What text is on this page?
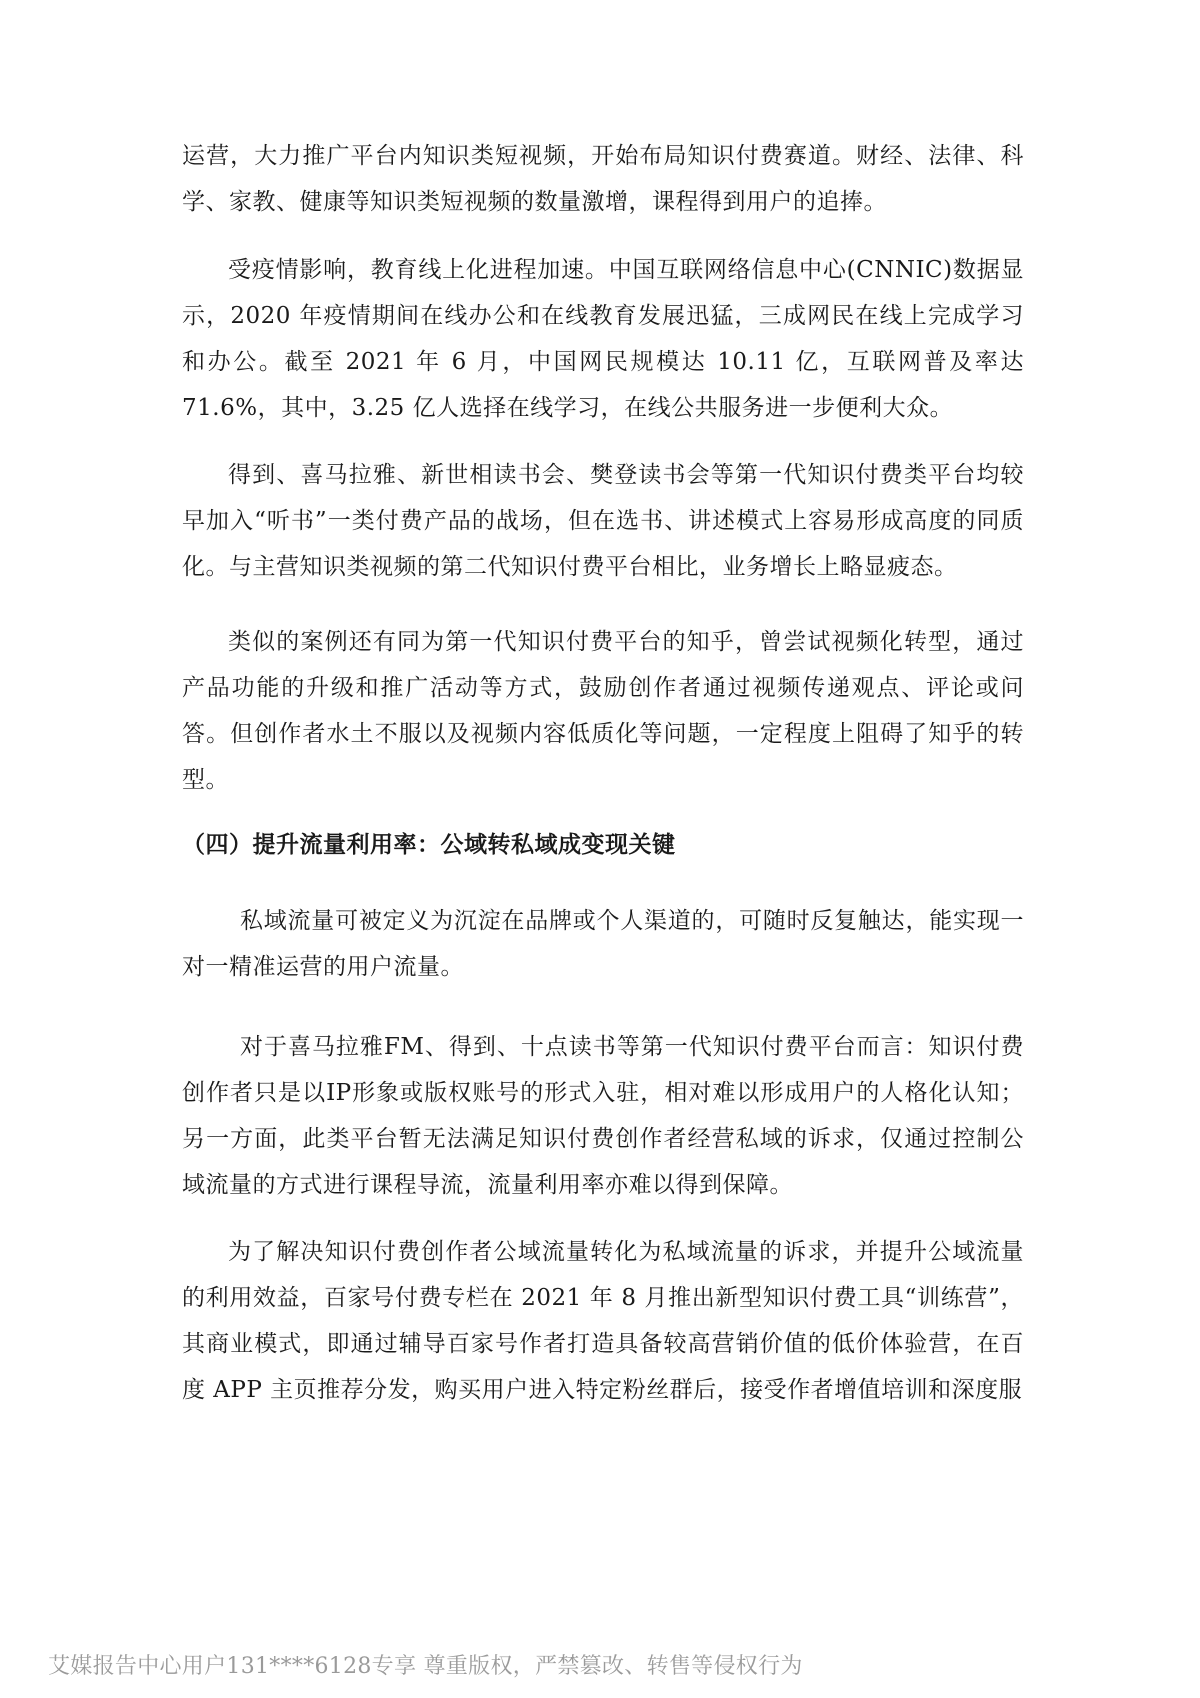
运营，大力推广平台内知识类短视频，开始布局知识付费赛道。财经、法律、科学、家教、健康等知识类短视频的数量激增，课程得到用户的追捧。

受疫情影响，教育线上化进程加速。中国互联网络信息中心(CNNIC)数据显示，2020 年疫情期间在线办公和在线教育发展迅猛，三成网民在线上完成学习和办公。截至 2021 年 6 月，中国网民规模达 10.11 亿，互联网普及率达 71.6%，其中，3.25 亿人选择在线学习，在线公共服务进一步便利大众。

得到、喜马拉雅、新世相读书会、樊登读书会等第一代知识付费类平台均较早加入“听书”一类付费产品的战场，但在选书、讲述模式上容易形成高度的同质化。与主营知识类视频的第二代知识付费平台相比，业务增长上略显疲态。

类似的案例还有同为第一代知识付费平台的知乎，曾尝试视频化转型，通过产品功能的升级和推广活动等方式，鼓励创作者通过视频传递观点、评论或问答。但创作者水土不服以及视频内容低质化等问题，一定程度上阻碍了知乎的转型。

（四）提升流量利用率：公域转私域成变现关键

私域流量可被定义为沉淀在品牌或个人渠道的，可随时反复触达，能实现一对一精准运营的用户流量。

对于喜马拉雅FM、得到、十点读书等第一代知识付费平台而言：知识付费创作者只是以IP形象或版权账号的形式入驻，相对难以形成用户的人格化认知；另一方面，此类平台暂无法满足知识付费创作者经营私域的诉求，仅通过控制公域流量的方式进行课程导流，流量利用率亦难以得到保障。

为了解决知识付费创作者公域流量转化为私域流量的诉求，并提升公域流量的利用效益，百家号付费专栏在 2021 年 8 月推出新型知识付费工具“训练营”，其商业模式，即通过辅导百家号作者打造具备较高营销价值的低价体验营，在百度 APP 主页推荐分发，购买用户进入特定粉丝群后，接受作者增值培训和深度服

艾媒报告中心用户131****6128专享 尊重版权，严禁篡改、转售等侵权行为
